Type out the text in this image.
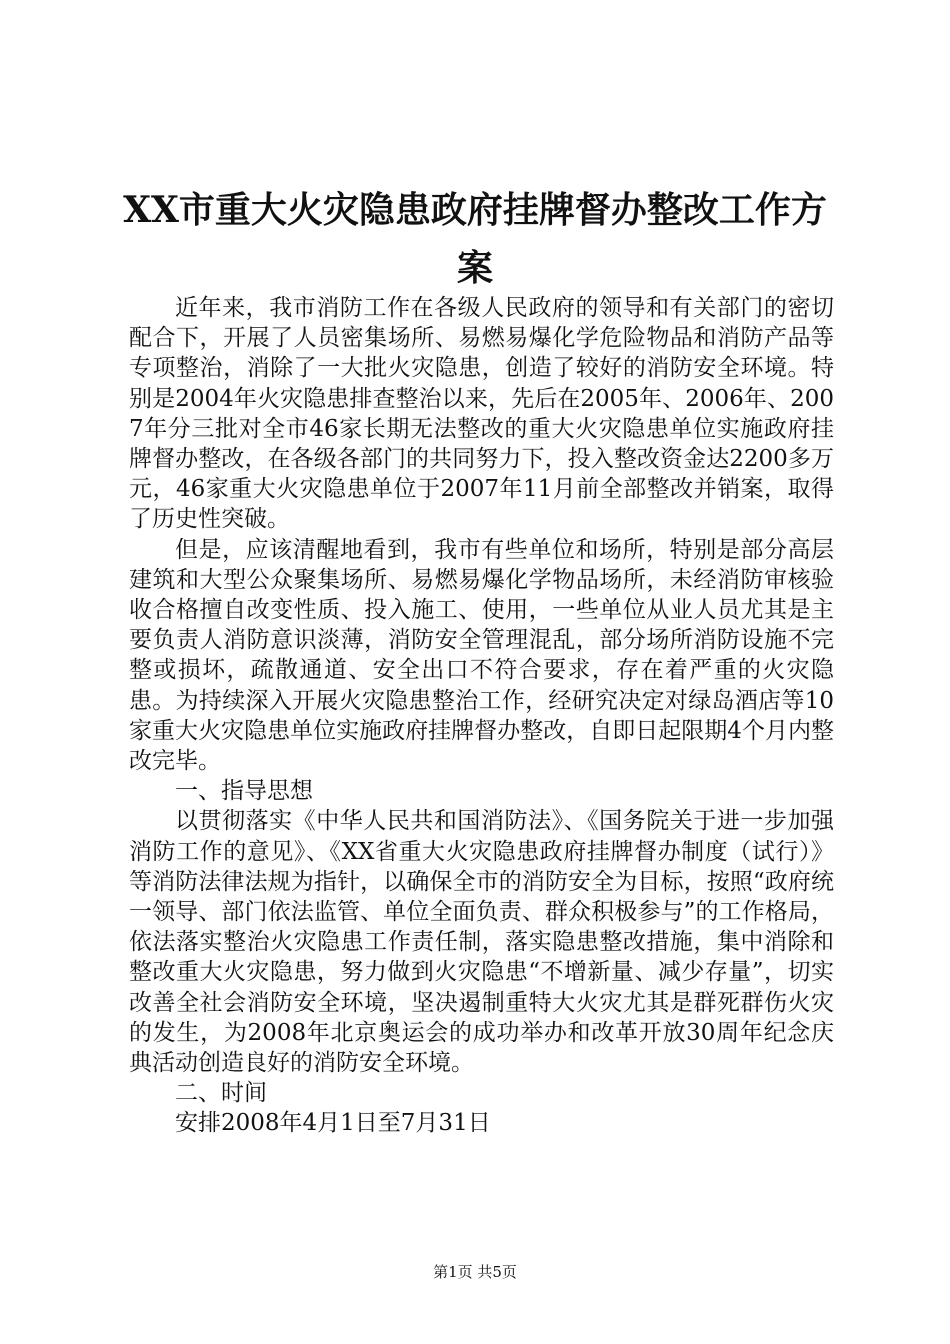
XX市重大火灾隐患政府挂牌督办整改工作方
案

近年来，我市消防工作在各级人民政府的领导和有关部门的密切配合下，开展了人员密集场所、易燃易爆化学危险物品和消防产品等专项整治，消除了一大批火灾隐患，创造了较好的消防安全环境。特别是2004年火灾隐患排查整治以来，先后在2005年、2006年、2007年分三批对全市46家长期无法整改的重大火灾隐患单位实施政府挂牌督办整改，在各级各部门的共同努力下，投入整改资金达2200多万元，46家重大火灾隐患单位于2007年11月前全部整改并销案，取得了历史性突破。

但是，应该清醒地看到，我市有些单位和场所，特别是部分高层建筑和大型公众聚集场所、易燃易爆化学物品场所，未经消防审核验收合格擅自改变性质、投入施工、使用，一些单位从业人员尤其是主要负责人消防意识淡薄，消防安全管理混乱，部分场所消防设施不完整或损坏，疏散通道、安全出口不符合要求，存在着严重的火灾隐患。为持续深入开展火灾隐患整治工作，经研究决定对绿岛酒店等10家重大火灾隐患单位实施政府挂牌督办整改，自即日起限期4个月内整改完毕。

一、指导思想

以贯彻落实《中华人民共和国消防法》、《国务院关于进一步加强消防工作的意见》、《XX省重大火灾隐患政府挂牌督办制度（试行）》等消防法律法规为指针，以确保全市的消防安全为目标，按照“政府统一领导、部门依法监管、单位全面负责、群众积极参与”的工作格局，依法落实整治火灾隐患工作责任制，落实隐患整改措施，集中消除和整改重大火灾隐患，努力做到火灾隐患“不增新量、减少存量”，切实改善全社会消防安全环境，坚决遏制重特大火灾尤其是群死群伤火灾的发生，为2008年北京奥运会的成功举办和改革开放30周年纪念庆典活动创造良好的消防安全环境。

二、时间

安排2008年4月1日至7月31日

第1页 共5页
